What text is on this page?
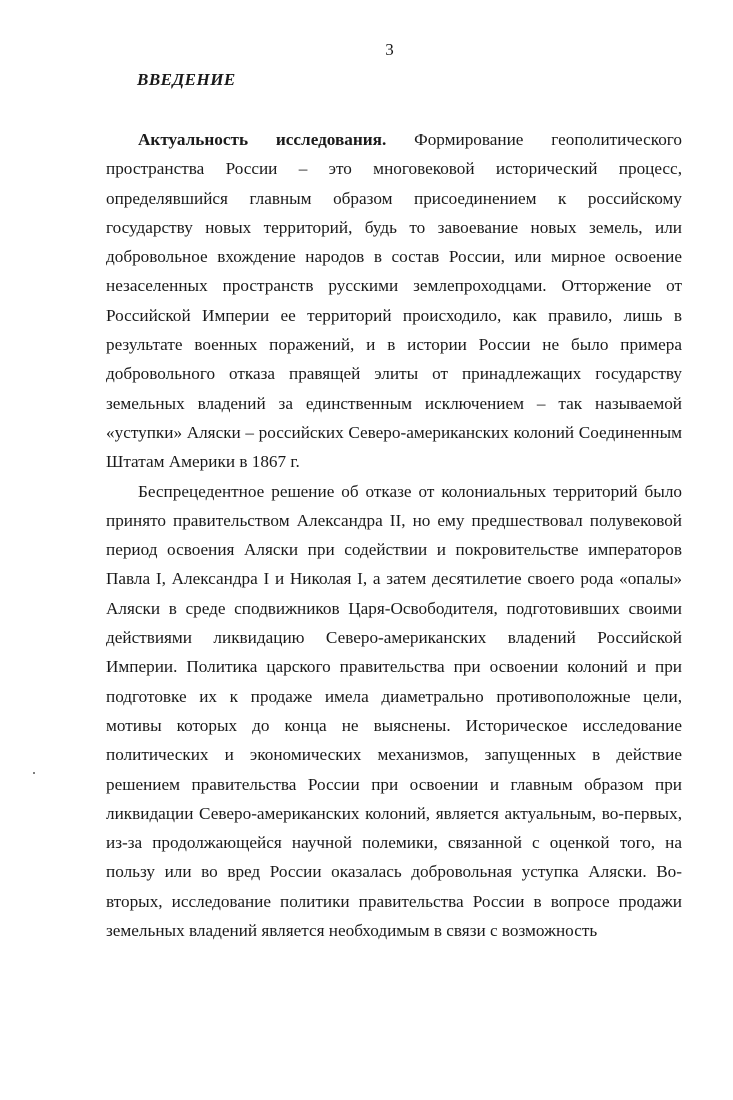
3
ВВЕДЕНИЕ

Актуальность исследования. Формирование геополитического пространства России – это многовековой исторический процесс, определявшийся главным образом присоединением к российскому государству новых территорий, будь то завоевание новых земель, или добровольное вхождение народов в состав России, или мирное освоение незаселенных пространств русскими землепроходцами. Отторжение от Российской Империи ее территорий происходило, как правило, лишь в результате военных поражений, и в истории России не было примера добровольного отказа правящей элиты от принадлежащих государству земельных владений за единственным исключением – так называемой «уступки» Аляски – российских Северо-американских колоний Соединенным Штатам Америки в 1867 г.

Беспрецедентное решение об отказе от колониальных территорий было принято правительством Александра II, но ему предшествовал полувековой период освоения Аляски при содействии и покровительстве императоров Павла I, Александра I и Николая I, а затем десятилетие своего рода «опалы» Аляски в среде сподвижников Царя-Освободителя, подготовивших своими действиями ликвидацию Северо-американских владений Российской Империи. Политика царского правительства при освоении колоний и при подготовке их к продаже имела диаметрально противоположные цели, мотивы которых до конца не выяснены. Историческое исследование политических и экономических механизмов, запущенных в действие решением правительства России при освоении и главным образом при ликвидации Северо-американских колоний, является актуальным, во-первых, из-за продолжающейся научной полемики, связанной с оценкой того, на пользу или во вред России оказалась добровольная уступка Аляски. Во-вторых, исследование политики правительства России в вопросе продажи земельных владений является необходимым в связи с возможность
